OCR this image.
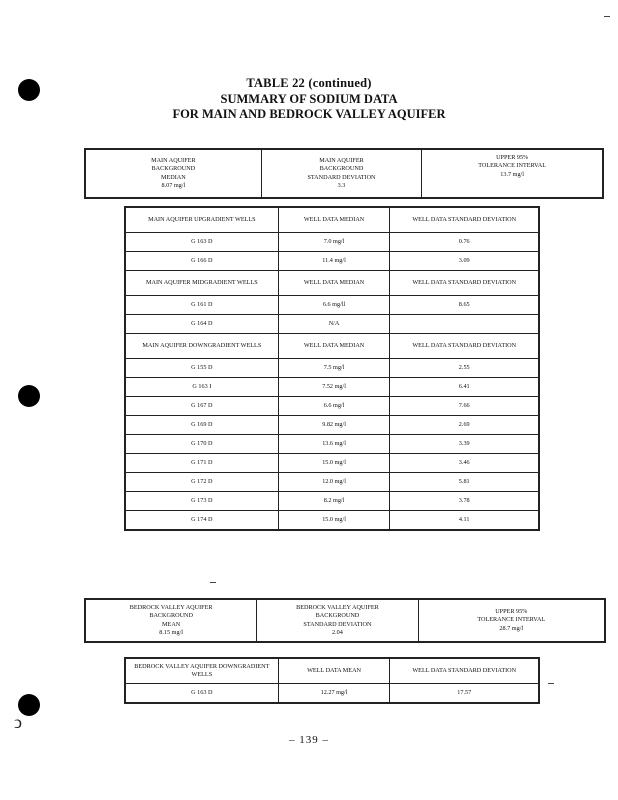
ↄ
TABLE 22 (continued)
SUMMARY OF SODIUM DATA
FOR MAIN AND BEDROCK VALLEY AQUIFER
MAIN AQUIFER
BACKGROUND
MEDIAN
8.07 mg/l

MAIN AQUIFER
BACKGROUND
STANDARD DEVIATION
3.3

UPPER 95%
TOLERANCE INTERVAL
13.7 mg/l
MAIN AQUIFER UPGRADIENT WELLS	WELL DATA MEDIAN	WELL DATA STANDARD DEVIATION
G 163 D	7.0 mg/l	0.76
G 166 D	11.4 mg/l	3.09
MAIN AQUIFER MIDGRADIENT WELLS	WELL DATA MEDIAN	WELL DATA STANDARD DEVIATION
G 161 D	6.6 mg/ll	8.65
G 164 D	N/A	
MAIN AQUIFER DOWNGRADIENT WELLS	WELL DATA MEDIAN	WELL DATA STANDARD DEVIATION
G 155 D	7.5 mg/l	2.55
G 163 I	7.52 mg/l	6.41
G 167 D	6.6 mg/l	7.66
G 169 D	9.82 mg/l	2.69
G 170 D	13.6 mg/l	3.39
G 171 D	15.0 mg/l	3.46
G 172 D	12.0 mg/l	5.81
G 173 D	8.2 mg/l	3.78
G 174 D	15.0 mg/l	4.11
BEDROCK VALLEY AQUIFER
BACKGROUND
MEAN
8.15 mg/l

BEDROCK VALLEY AQUIFER
BACKGROUND
STANDARD DEVIATION
2.04

UPPER 95%
TOLERANCE INTERVAL
28.7 mg/l
BEDROCK VALLEY AQUIFER DOWNGRADIENT WELLS	WELL DATA MEAN	WELL DATA STANDARD DEVIATION
G 163 D	12.27 mg/l	17.57
– 139 –
